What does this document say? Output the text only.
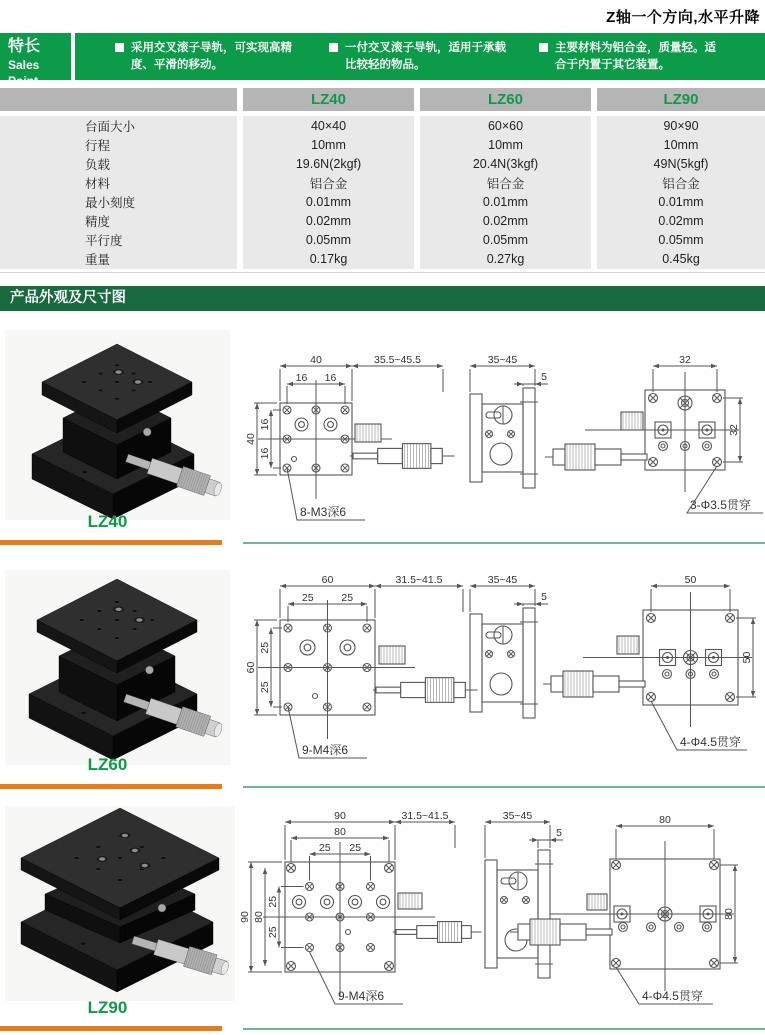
Z轴一个方向,水平升降
特长
Sales Point
采用交叉滚子导轨，可实现高精度、平滑的移动。
一付交叉滚子导轨，适用于承载比较轻的物品。
主要材料为铝合金，质量轻。适合于内置于其它装置。
LZ40	LZ60	LZ90
台面大小	40×40	60×60	90×90
行程	10mm	10mm	10mm
负载	19.6N(2kgf)	20.4N(3kgf)	49N(5kgf)
材料	铝合金	铝合金	铝合金
最小刻度	0.01mm	0.01mm	0.01mm
精度	0.02mm	0.02mm	0.02mm
平行度	0.05mm	0.05mm	0.05mm
重量	0.17kg	0.27kg	0.45kg
产品外观及尺寸图
40	35.5~45.5
16 16
40
16
16
8-M3深6
35~45
5
32
32
3-Φ3.5贯穿
60	31.5~41.5
25	25
60
25
25
9-M4深6
35~45
5
50
50
4-Φ4.5贯穿
90	31.5~41.5
80
25 25
90 80
25
25
9-M4深6
35~45
5
80
80
4-Φ4.5贯穿
LZ40
LZ60
LZ90
